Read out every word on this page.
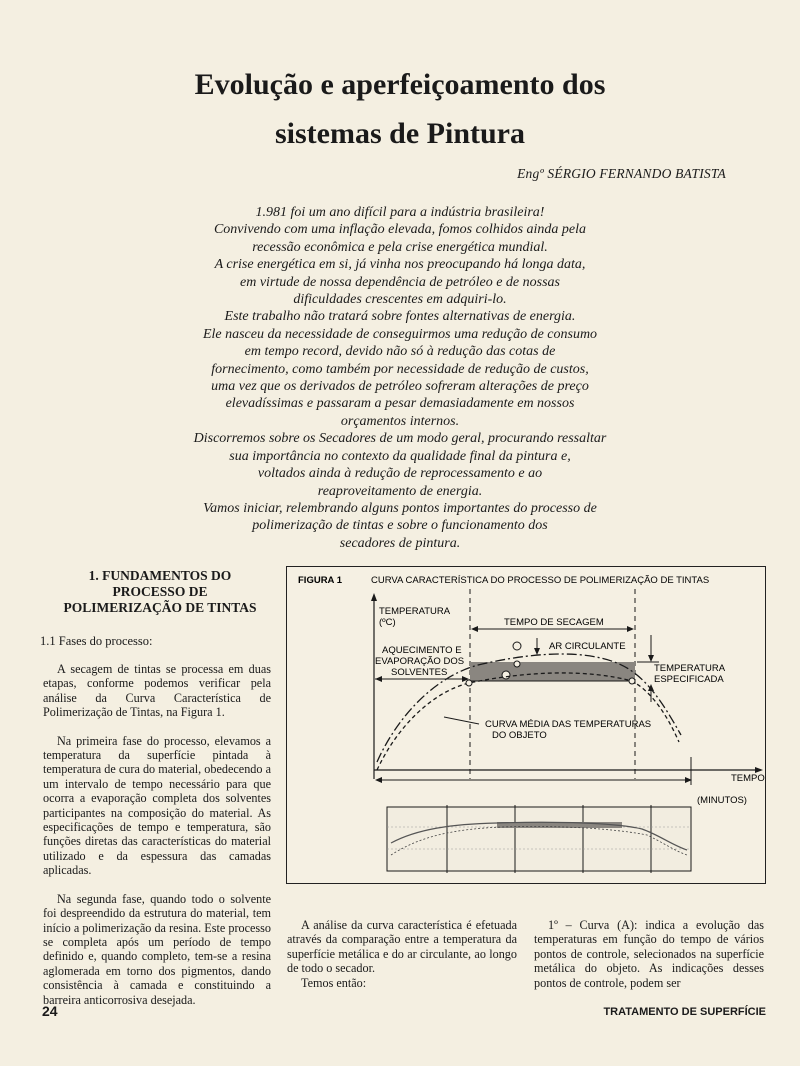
Evolução e aperfeiçoamento dos
sistemas de Pintura
Engº SÉRGIO FERNANDO BATISTA

1.981 foi um ano difícil para a indústria brasileira!

Convivendo com uma inflação elevada, fomos colhidos ainda pela

recessão econômica e pela crise energética mundial.

A crise energética em si, já vinha nos preocupando há longa data,

em virtude de nossa dependência de petróleo e de nossas

dificuldades crescentes em adquiri-lo.

Este trabalho não tratará sobre fontes alternativas de energia.

Ele nasceu da necessidade de conseguirmos uma redução de consumo

em tempo record, devido não só à redução das cotas de

fornecimento, como também por necessidade de redução de custos,

uma vez que os derivados de petróleo sofreram alterações de preço

elevadíssimas e passaram a pesar demasiadamente em nossos

orçamentos internos.

Discorremos sobre os Secadores de um modo geral, procurando ressaltar

sua importância no contexto da qualidade final da pintura e,

voltados ainda à redução de reprocessamento e ao

reaproveitamento de energia.

Vamos iniciar, relembrando alguns pontos importantes do processo de

polimerização de tintas e sobre o funcionamento dos

secadores de pintura.

1. FUNDAMENTOS DO
PROCESSO DE
POLIMERIZAÇÃO DE TINTAS
1.1 Fases do processo:

A secagem de tintas se processa em duas etapas, conforme podemos verificar pela análise da Curva Característica de Polimerização de Tintas, na Figura 1.

Na primeira fase do processo, elevamos a temperatura da superfície pintada à temperatura de cura do material, obedecendo a um intervalo de tempo necessário para que ocorra a evaporação completa dos solventes participantes na composição do material. As especificações de tempo e temperatura, são funções diretas das características do material utilizado e da espessura das camadas aplicadas.

Na segunda fase, quando todo o solvente foi despreendido da estrutura do material, tem início a polimerização da resina. Este processo se completa após um período de tempo definido e, quando completo, tem-se a resina aglomerada em torno dos pigmentos, dando consistência à camada e constituindo a barreira anticorrosiva desejada.

FIGURA 1	CURVA CARACTERÍSTICA DO PROCESSO DE POLIMERIZAÇÃO DE TINTAS
TEMPERATURA
(ºC)	TEMPO DE SECAGEM
AQUECIMENTO E
EVAPORAÇÃO DOS
SOLVENTES
AR CIRCULANTE
TEMPERATURA
ESPECIFICADA
CURVA MÉDIA DAS TEMPERATURAS
DO OBJETO
TEMPO
(MINUTOS)

A análise da curva característica é efetuada através da comparação entre a temperatura da superfície metálica e do ar circulante, ao longo de todo o secador.

Temos então:

1º – Curva (A): indica a evolução das temperaturas em função do tempo de vários pontos de controle, selecionados na superfície metálica do objeto. As indicações desses pontos de controle, podem ser

24	TRATAMENTO DE SUPERFÍCIE
